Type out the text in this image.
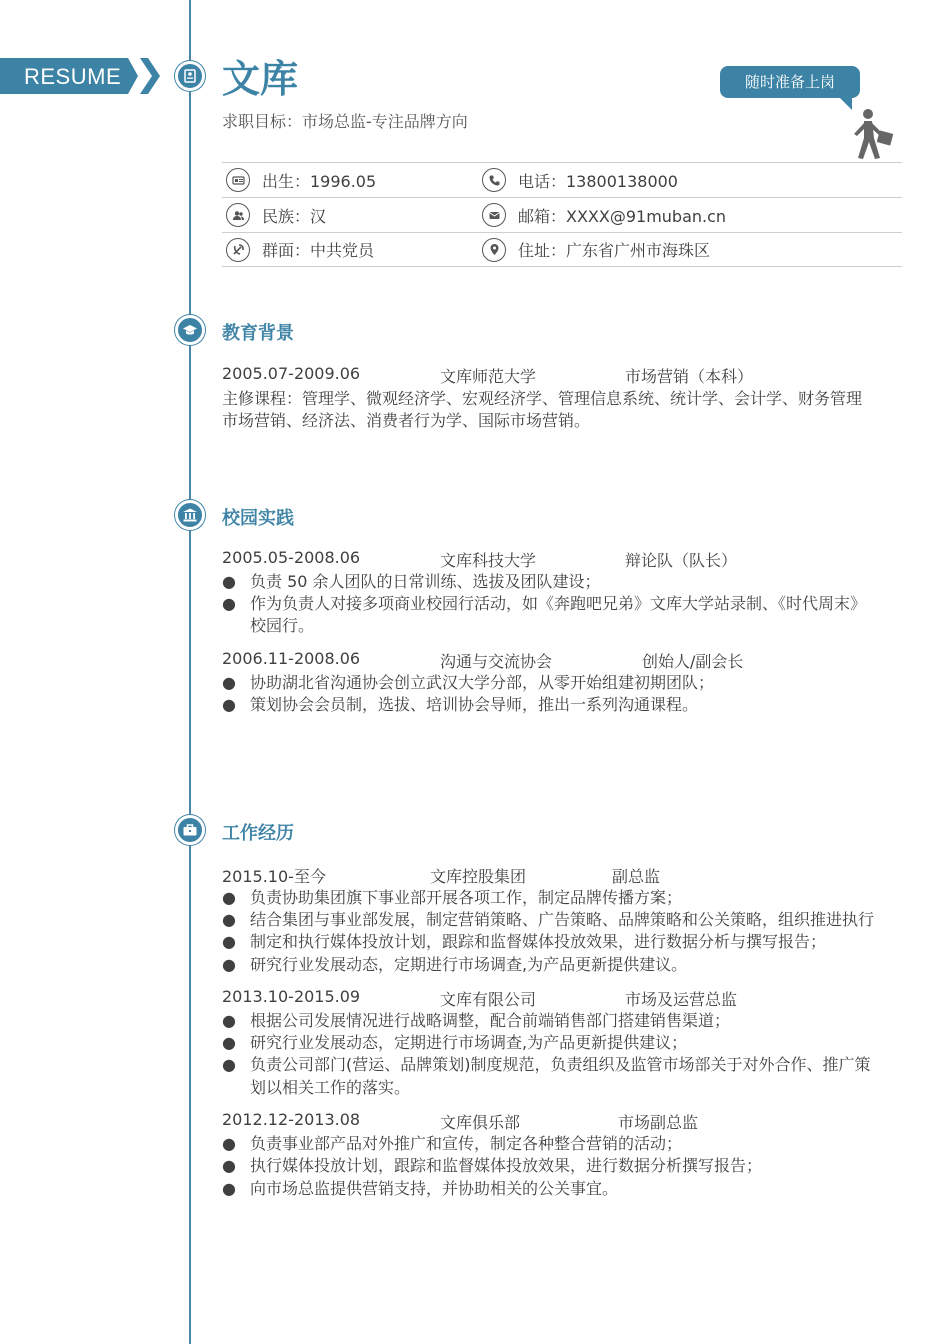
RESUME	文库
求职目标：市场总监-专注品牌方向
随时准备上岗
出生：1996.05	电话：13800138000
民族：汉	邮箱：XXXX@91muban.cn
群面：中共党员	住址：广东省广州市海珠区
教育背景
2005.07-2009.06	文库师范大学	市场营销（本科）
主修课程：管理学、微观经济学、宏观经济学、管理信息系统、统计学、会计学、财务管理
市场营销、经济法、消费者行为学、国际市场营销。
校园实践
2005.05-2008.06	文库科技大学	辩论队（队长）
● 负责 50 余人团队的日常训练、选拔及团队建设；
● 作为负责人对接多项商业校园行活动，如《奔跑吧兄弟》文库大学站录制、《时代周末》
校园行。
2006.11-2008.06	沟通与交流协会	创始人/副会长
● 协助湖北省沟通协会创立武汉大学分部，从零开始组建初期团队；
● 策划协会会员制，选拔、培训协会导师，推出一系列沟通课程。
工作经历
2015.10-至今	文库控股集团	副总监
● 负责协助集团旗下事业部开展各项工作，制定品牌传播方案；
● 结合集团与事业部发展，制定营销策略、广告策略、品牌策略和公关策略，组织推进执行
● 制定和执行媒体投放计划，跟踪和监督媒体投放效果，进行数据分析与撰写报告；
● 研究行业发展动态，定期进行市场调查,为产品更新提供建议。
2013.10-2015.09	文库有限公司	市场及运营总监
● 根据公司发展情况进行战略调整，配合前端销售部门搭建销售渠道；
● 研究行业发展动态，定期进行市场调查,为产品更新提供建议；
● 负责公司部门(营运、品牌策划)制度规范，负责组织及监管市场部关于对外合作、推广策
划以相关工作的落实。
2012.12-2013.08	文库俱乐部	市场副总监
● 负责事业部产品对外推广和宣传，制定各种整合营销的活动；
● 执行媒体投放计划，跟踪和监督媒体投放效果，进行数据分析撰写报告；
● 向市场总监提供营销支持，并协助相关的公关事宜。
